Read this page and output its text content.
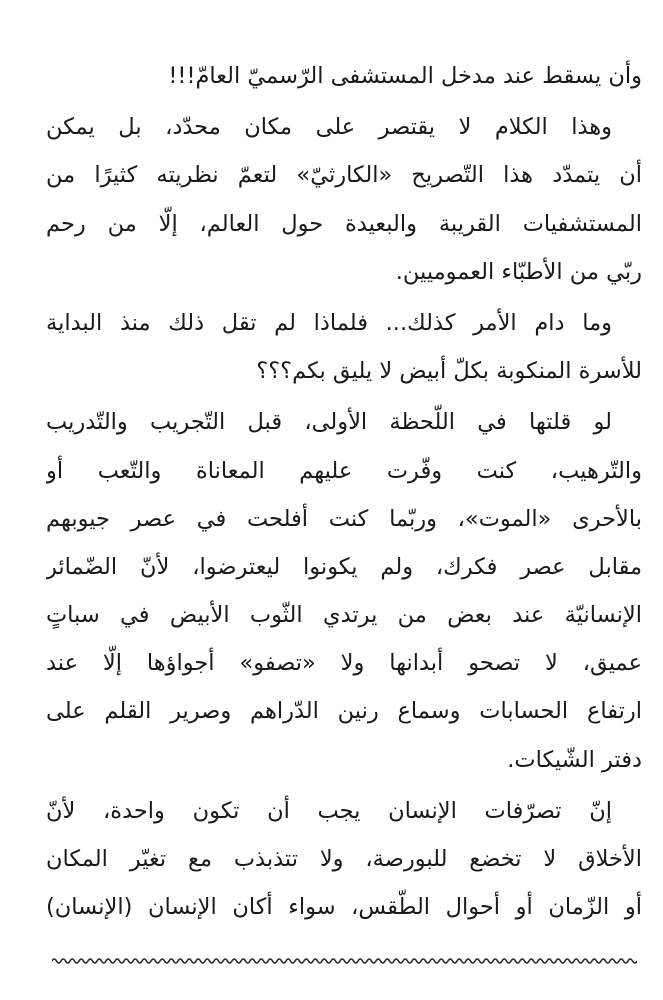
وأن يسقط عند مدخل المستشفى الرّسميّ العامّ!!!
وهذا الكلام لا يقتصر على مكان محدّد، بل يمكن
أن يتمدّد هذا التّصريح «الكارثيّ» لتعمّ نظريته كثيرًا من
المستشفيات القريبة والبعيدة حول العالم، إلّا من رحم
ربّي من الأطبّاء العموميين.
وما دام الأمر كذلك... فلماذا لم تقل ذلك منذ البداية
للأسرة المنكوبة بكلّ أبيض لا يليق بكم؟؟؟
لو قلتها في اللّحظة الأولى، قبل التّجريب والتّدريب
والتّرهيب، كنت وفّرت عليهم المعاناة والتّعب أو
بالأحرى «الموت»، وربّما كنت أفلحت في عصر جيوبهم
مقابل عصر فكرك، ولم يكونوا ليعترضوا، لأنّ الضّمائر
الإنسانيّة عند بعض من يرتدي الثّوب الأبيض في سباتٍ
عميق، لا تصحو أبدانها ولا «تصفو» أجواؤها إلّا عند
ارتفاع الحسابات وسماع رنين الدّراهم وصرير القلم على
دفتر الشّيكات.
إنّ تصرّفات الإنسان يجب أن تكون واحدة، لأنّ
الأخلاق لا تخضع للبورصة، ولا تتذبذب مع تغيّر المكان
أو الزّمان أو أحوال الطّقس، سواء أكان الإنسان (الإنسان)
